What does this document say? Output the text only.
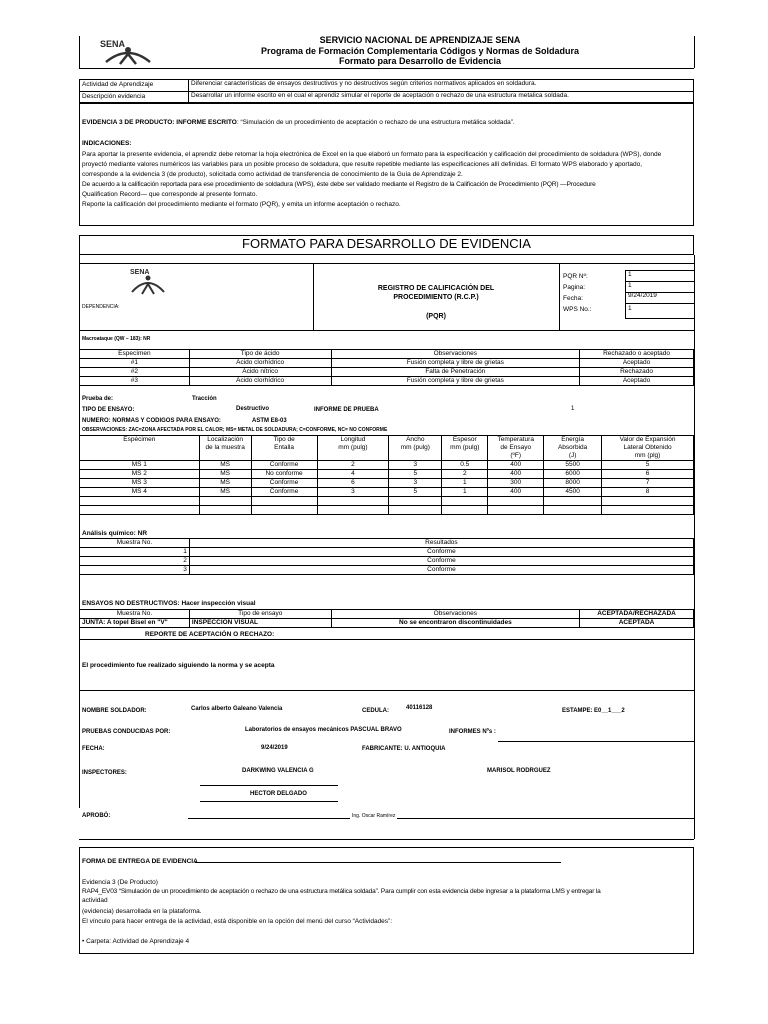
SENA	SERVICIO NACIONAL DE APRENDIZAJE SENA
Programa de Formación Complementaria Códigos y Normas de Soldadura
Formato para Desarrollo de Evidencia
Actividad de Aprendizaje	Diferenciar características de ensayos destructivos y no destructivos según criterios normativos aplicados en soldadura.
Descripción evidencia	Desarrollar un informe escrito en el cual el aprendiz simular el reporte de aceptación o rechazo de una estructura metalica soldada.
EVIDENCIA 3 DE PRODUCTO: INFORME ESCRITO: “Simulación de un procedimiento de aceptación o rechazo de una estructura metálica soldada”.
INDICACIONES:
Para aportar la presente evidencia, el aprendiz debe retomar la hoja electrónica de Excel en la que elaboró un formato para la especificación y calificación del procedimiento de soldadura (WPS), donde
proyectó mediante valores numéricos las variables para un posible proceso de soldadura, que resulte repetible mediante las especificaciones allí definidas. El formato WPS elaborado y aportado,
corresponde a la evidencia 3 (de producto), solicitada como actividad de transferencia de conocimiento de la Guía de Aprendizaje 2.
De acuerdo a la calificación reportada para ese procedimiento de soldadura (WPS), éste debe ser validado mediante el Registro de la Calificación de Procedimiento (PQR) —Procedure
Qualification Record— que corresponde al presente formato.
Reporte la calificación del procedimiento mediante el formato (PQR), y emita un informe aceptación o rechazo.
FORMATO PARA DESARROLLO DE EVIDENCIA
SENA
DEPENDENCIA:
REGISTRO DE CALIFICACIÓN DEL
PROCEDIMIENTO (R.C.P.)
(PQR)
PQR Nº:	1
Pagina:	1
Fecha:	9/24/2019
WPS No.:	1
Macroataque (QW – 183): NR
Especímen	Tipo de ácido	Observaciones	Rechazado o aceptado
#1	Ácido clorhídrico	Fusión completa y libre de grietas	Aceptado
#2	Ácido nítrico	Falta de Penetración	Rechazado
#3	Ácido clorhídrico	Fusión completa y libre de grietas	Aceptado
Prueba de:	Tracción
TIPO DE ENSAYO:	Destructivo	INFORME DE PRUEBA	1
NUMERO: NORMAS Y CODIGOS PARA ENSAYO:	ASTM E8-03
OBSERVACIONES: ZAC=ZONA AFECTADA POR EL CALOR; MS= METAL DE SOLDADURA; C=CONFORME, NC= NO CONFORME
Espécimen	Localización	Tipo de	Longitud	Ancho	Espesor	Temperatura	Energía	Valor de Expansión
	de la muestra	Entalla	mm (pulg)	mm (pulg)	mm (pulg)	de Ensayo	Absorbida	Lateral Obtenido
						(ºF)	(J)	mm (plg)
MS 1	MS	Conforme	2	3	0.5	400	5500	5
MS 2	MS	No conforme	4	5	2	400	6000	6
MS 3	MS	Conforme	6	3	1	300	8000	7
MS 4	MS	Conforme	3	5	1	400	4500	8

Análisis químico: NR
Muestra No.	Resultados
1	Conforme
2	Conforme
3	Conforme
ENSAYOS NO DESTRUCTIVOS: Hacer inspección visual
Muestra No.	Tipo de ensayo	Observaciones	ACEPTADA/RECHAZADA
JUNTA: A topel Bisel en "V"	INSPECCION VISUAL	No se encontraron discontinuidades	ACEPTADA
REPORTE DE ACEPTACIÓN O RECHAZO:
El procedimiento fue realizado siguiendo la norma y se acepta
NOMBRE SOLDADOR:	Carlos alberto Galeano Valencia	CEDULA:	40116128	ESTAMPE: E0__1___2
PRUEBAS CONDUCIDAS POR:	Laboratorios de ensayos mecánicos PASCUAL BRAVO	INFORMES Nºs :
FECHA:	9/24/2019	FABRICANTE: U. ANTIOQUIA
INSPECTORES:	DARKWING VALENCIA G	MARISOL RODRGUEZ
HECTOR DELGADO
APROBÓ:	Ing. Oscar Ramírez
FORMA DE ENTREGA DE EVIDENCIA
Evidencia 3 (De Producto)
RAP4_EV03 “Simulación de un procedimiento de aceptación o rechazo de una estructura metálica soldada”. Para cumplir con esta evidencia debe ingresar a la plataforma LMS y entregar la
actividad
(evidencia) desarrollada en la plataforma.
El vínculo para hacer entrega de la actividad, está disponible en la opción del menú del curso “Actividades”:
• Carpeta: Actividad de Aprendizaje 4
